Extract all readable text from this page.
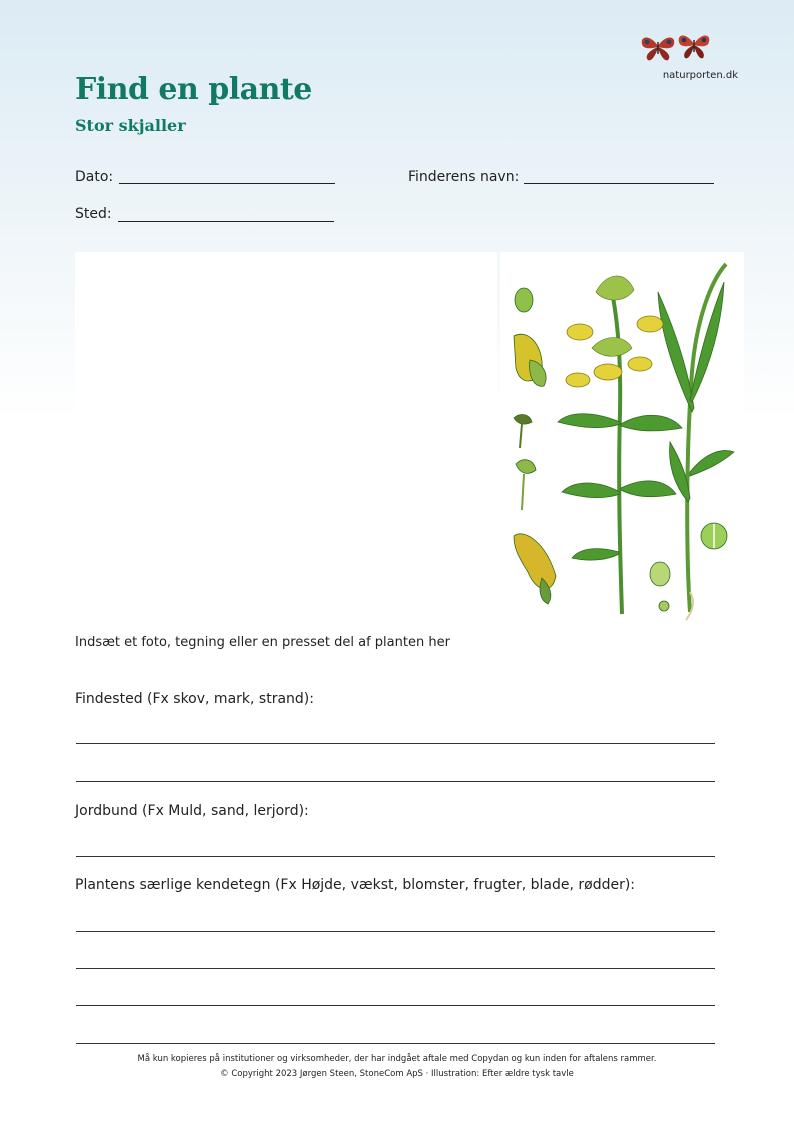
naturporten.dk
Find en plante
Stor skjaller
Dato:	Finderens navn:
Sted:
Indsæt et foto, tegning eller en presset del af planten her
Findested (Fx skov, mark, strand):
Jordbund (Fx Muld, sand, lerjord):
Plantens særlige kendetegn (Fx Højde, vækst, blomster, frugter, blade, rødder):
Må kun kopieres på institutioner og virksomheder, der har indgået aftale med Copydan og kun inden for aftalens rammer.
© Copyright 2023 Jørgen Steen, StoneCom ApS · Illustration: Efter ældre tysk tavle
